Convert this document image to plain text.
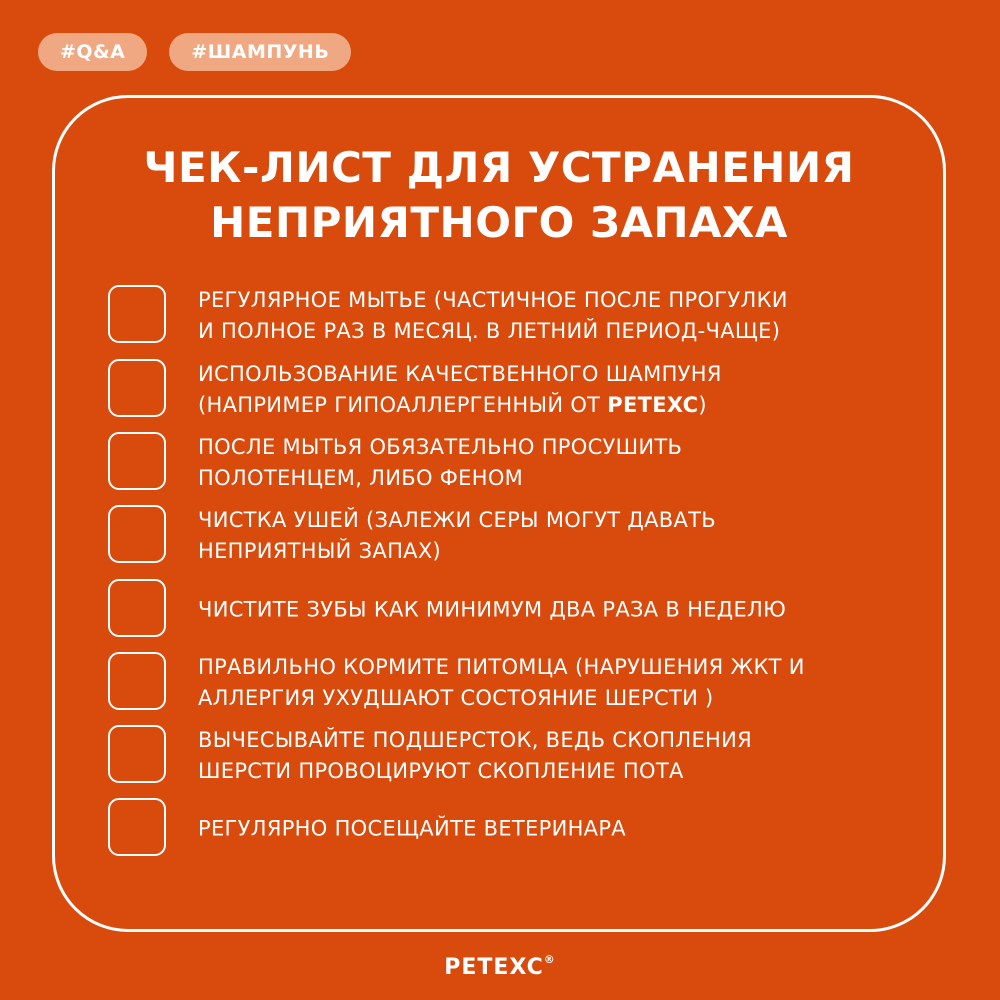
#Q&A	#ШАМПУНЬ
ЧЕК-ЛИСТ ДЛЯ УСТРАНЕНИЯ
НЕПРИЯТНОГО ЗАПАХА
РЕГУЛЯРНОЕ МЫТЬЕ (ЧАСТИЧНОЕ ПОСЛЕ ПРОГУЛКИ
И ПОЛНОЕ РАЗ В МЕСЯЦ. В ЛЕТНИЙ ПЕРИОД-ЧАЩЕ)
ИСПОЛЬЗОВАНИЕ КАЧЕСТВЕННОГО ШАМПУНЯ
(НАПРИМЕР ГИПОАЛЛЕРГЕННЫЙ ОТ PETEXC)
ПОСЛЕ МЫТЬЯ ОБЯЗАТЕЛЬНО ПРОСУШИТЬ
ПОЛОТЕНЦЕМ, ЛИБО ФЕНОМ
ЧИСТКА УШЕЙ (ЗАЛЕЖИ СЕРЫ МОГУТ ДАВАТЬ
НЕПРИЯТНЫЙ ЗАПАХ)
ЧИСТИТЕ ЗУБЫ КАК МИНИМУМ ДВА РАЗА В НЕДЕЛЮ
ПРАВИЛЬНО КОРМИТЕ ПИТОМЦА (НАРУШЕНИЯ ЖКТ И
АЛЛЕРГИЯ УХУДШАЮТ СОСТОЯНИЕ ШЕРСТИ )
ВЫЧЕСЫВАЙТЕ ПОДШЕРСТОК, ВЕДЬ СКОПЛЕНИЯ
ШЕРСТИ ПРОВОЦИРУЮТ СКОПЛЕНИЕ ПОТА
РЕГУЛЯРНО ПОСЕЩАЙТЕ ВЕТЕРИНАРА
PETEXC®
